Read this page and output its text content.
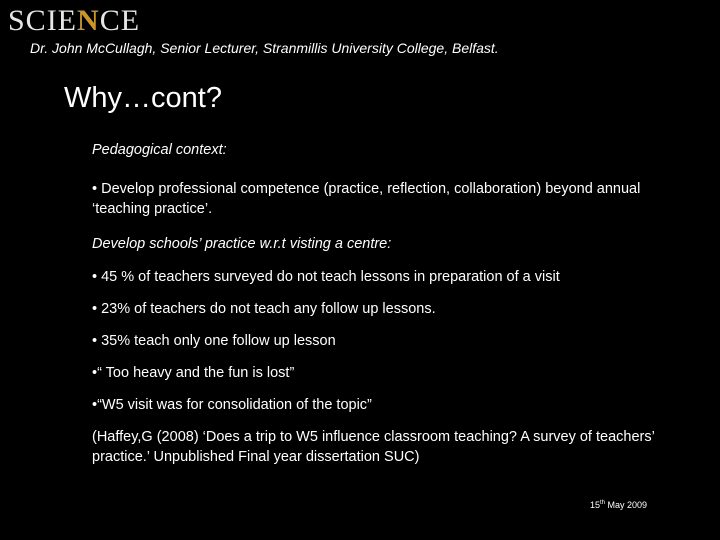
SCIENCE
Dr. John McCullagh, Senior Lecturer, Stranmillis University College, Belfast.
Why…cont?

Pedagogical context:

• Develop professional competence (practice, reflection, collaboration) beyond annual ‘teaching practice’.

Develop schools’ practice w.r.t visting a centre:

• 45 % of teachers surveyed do not teach lessons in preparation of a visit

• 23% of teachers do not teach any follow up lessons.

• 35% teach only one follow up lesson

•“ Too heavy and the fun is lost”

•“W5 visit was for consolidation of the topic”

(Haffey,G (2008) ‘Does a trip to W5 influence classroom teaching? A survey of teachers’ practice.’ Unpublished Final year dissertation SUC)

15th May 2009
